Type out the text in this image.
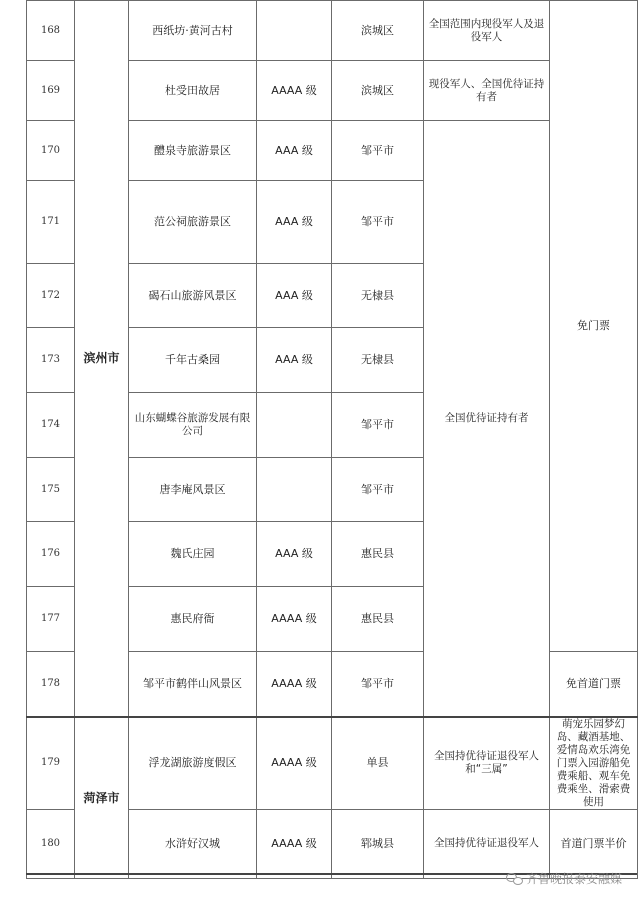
168	滨州市	西纸坊·黄河古村		滨城区	全国范围内现役军人及退役军人	免门票
169		杜受田故居	AAAA 级	滨城区	现役军人、全国优待证持有者	
170		醴泉寺旅游景区	AAA 级	邹平市	全国优待证持有者	
171		范公祠旅游景区	AAA 级	邹平市		
172		碣石山旅游风景区	AAA 级	无棣县		
173		千年古桑园	AAA 级	无棣县		
174		山东蝴蝶谷旅游发展有限公司		邹平市		
175		唐李庵风景区		邹平市		
176		魏氏庄园	AAA 级	惠民县		
177		惠民府衙	AAAA 级	惠民县		
178		邹平市鹤伴山风景区	AAAA 级	邹平市		免首道门票
179	菏泽市	浮龙湖旅游度假区	AAAA 级	单县	全国持优待证退役军人和“三属”	萌宠乐园梦幻岛、藏酒基地、爱情岛欢乐湾免门票入园游船免费乘船、观车免费乘坐、滑索费使用
180		水浒好汉城	AAAA 级	郓城县	全国持优待证退役军人	首道门票半价
齐鲁晚报泰安融媒
